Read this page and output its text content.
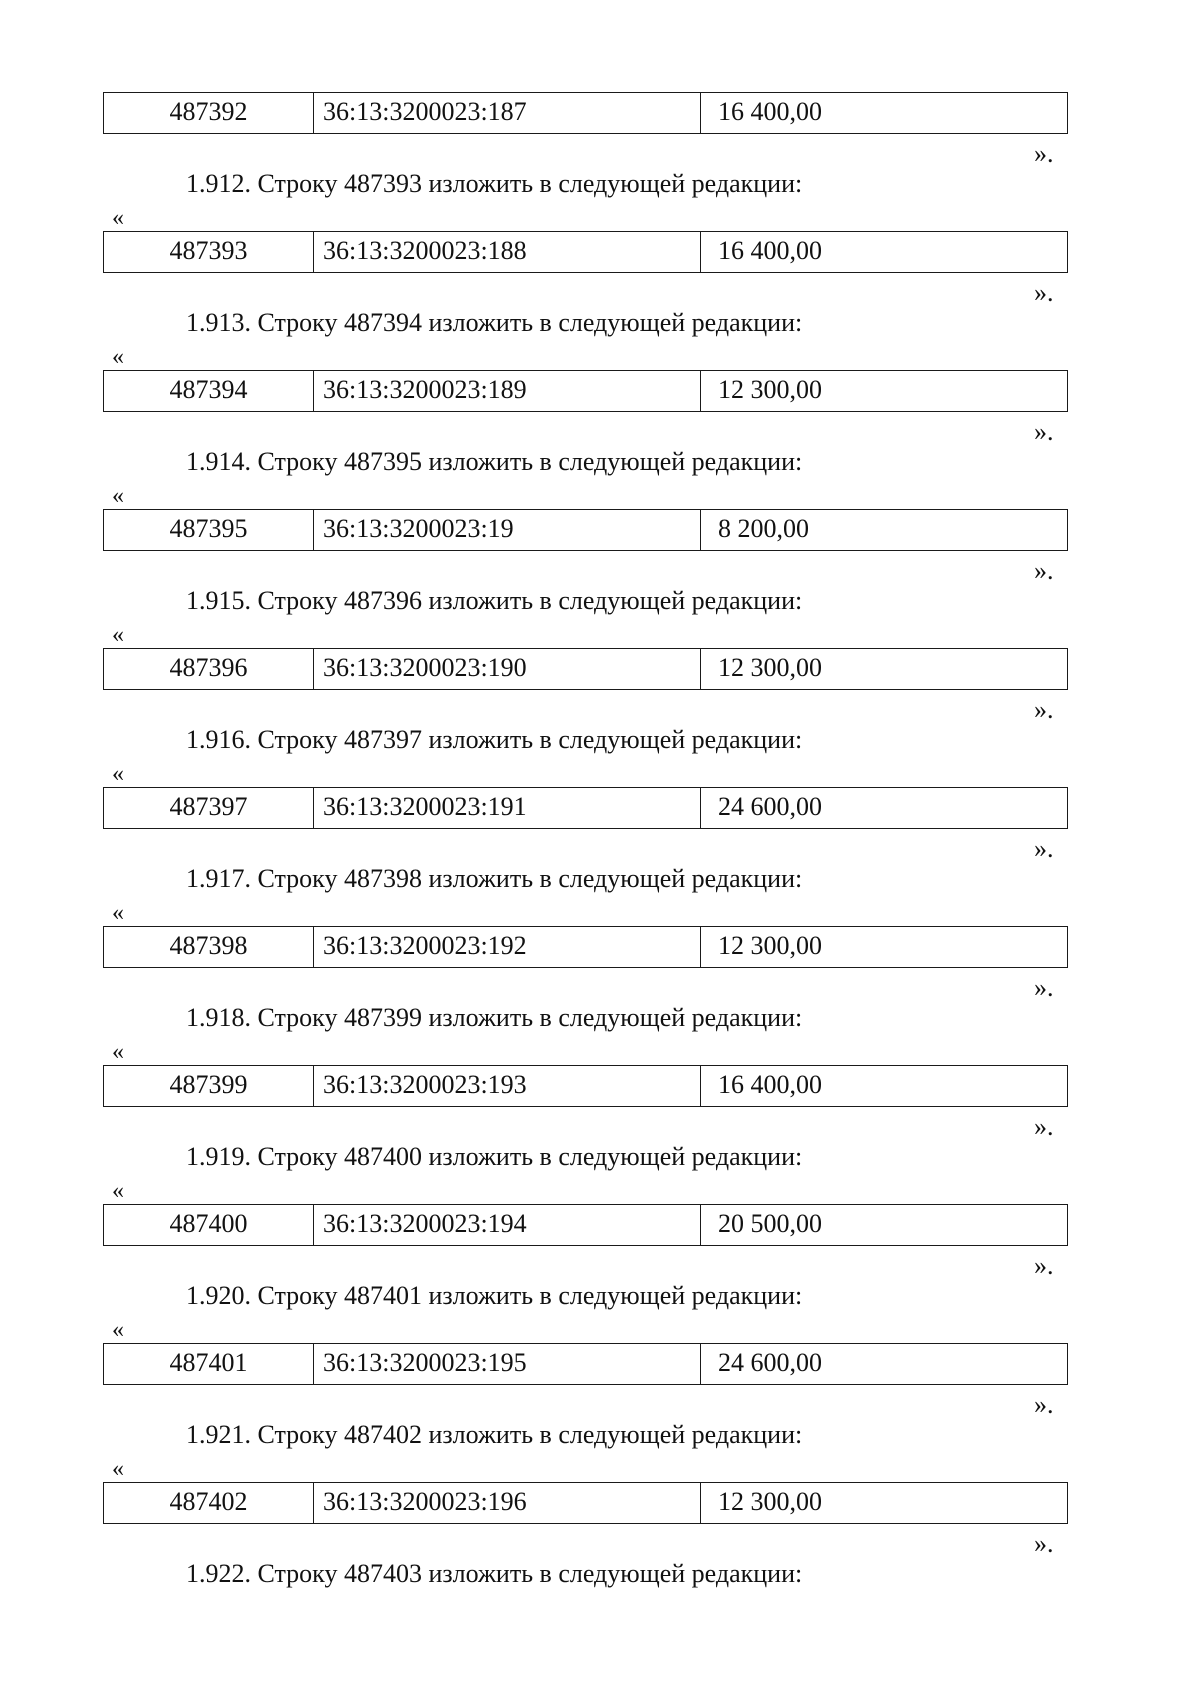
487392	36:13:3200023:187	16 400,00
».
1.912. Строку 487393 изложить в следующей редакции:
«
487393	36:13:3200023:188	16 400,00
».
1.913. Строку 487394 изложить в следующей редакции:
«
487394	36:13:3200023:189	12 300,00
».
1.914. Строку 487395 изложить в следующей редакции:
«
487395	36:13:3200023:19	8 200,00
».
1.915. Строку 487396 изложить в следующей редакции:
«
487396	36:13:3200023:190	12 300,00
».
1.916. Строку 487397 изложить в следующей редакции:
«
487397	36:13:3200023:191	24 600,00
».
1.917. Строку 487398 изложить в следующей редакции:
«
487398	36:13:3200023:192	12 300,00
».
1.918. Строку 487399 изложить в следующей редакции:
«
487399	36:13:3200023:193	16 400,00
».
1.919. Строку 487400 изложить в следующей редакции:
«
487400	36:13:3200023:194	20 500,00
».
1.920. Строку 487401 изложить в следующей редакции:
«
487401	36:13:3200023:195	24 600,00
».
1.921. Строку 487402 изложить в следующей редакции:
«
487402	36:13:3200023:196	12 300,00
».
1.922. Строку 487403 изложить в следующей редакции:
